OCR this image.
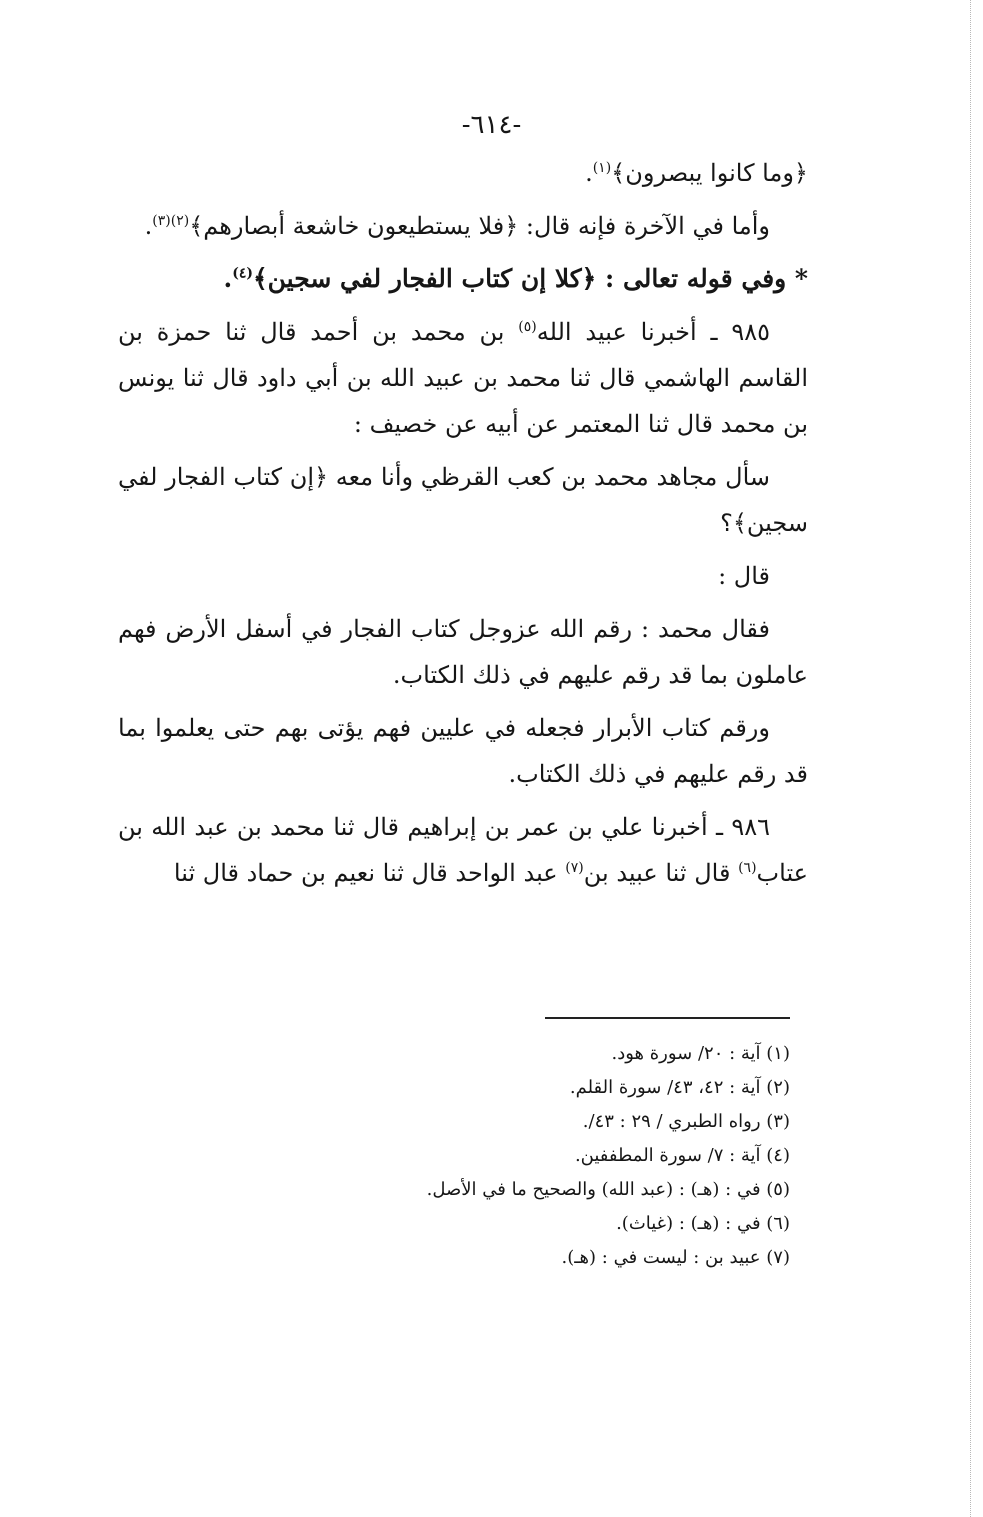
-٦١٤-

﴿وما كانوا يبصرون﴾$^{(١)}$.

وأما في الآخرة فإنه قال: ﴿فلا يستطيعون خاشعة أبصارهم﴾$^{(٢)(٣)}$.

* وفي قوله تعالى : ﴿كلا إن كتاب الفجار لفي سجين﴾$^{(٤)}$.

٩٨٥ ـ أخبرنا عبيد الله$^{(٥)}$ بن محمد بن أحمد قال ثنا حمزة بن القاسم الهاشمي قال ثنا محمد بن عبيد الله بن أبي داود قال ثنا يونس بن محمد قال ثنا المعتمر عن أبيه عن خصيف :

سأل مجاهد محمد بن كعب القرظي وأنا معه ﴿إن كتاب الفجار لفي سجين﴾؟

قال :

فقال محمد : رقم الله عزوجل كتاب الفجار في أسفل الأرض فهم عاملون بما قد رقم عليهم في ذلك الكتاب.

ورقم كتاب الأبرار فجعله في عليين فهم يؤتى بهم حتى يعلموا بما قد رقم عليهم في ذلك الكتاب.

٩٨٦ ـ أخبرنا علي بن عمر بن إبراهيم قال ثنا محمد بن عبد الله بن عتاب$^{(٦)}$ قال ثنا عبيد بن$^{(٧)}$ عبد الواحد قال ثنا نعيم بن حماد قال ثنا

(١) آية : ٢٠/ سورة هود.
(٢) آية : ٤٢، ٤٣/ سورة القلم.
(٣) رواه الطبري / ٢٩ : ٤٣/.
(٤) آية : ٧/ سورة المطففين.
(٥) في : (هـ) : (عبد الله) والصحيح ما في الأصل.
(٦) في : (هـ) : (غياث).
(٧) عبيد بن : ليست في : (هـ).
